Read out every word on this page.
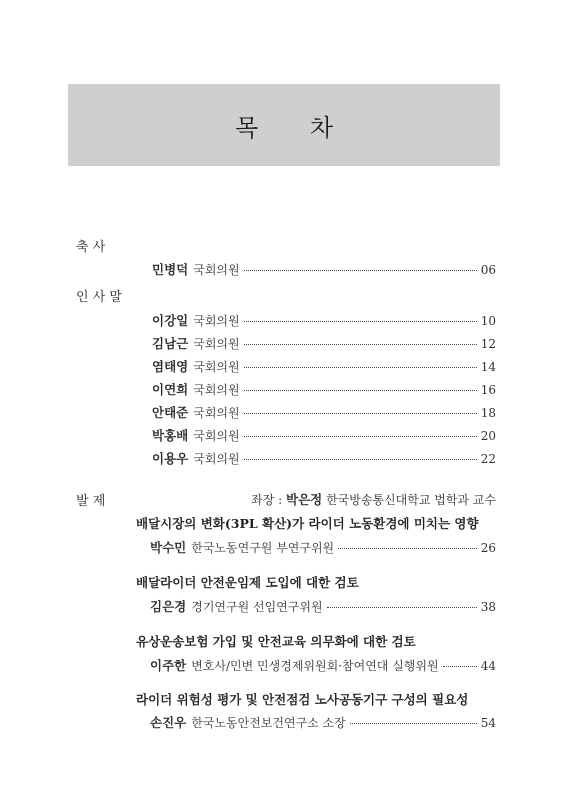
목 차
축 사
민병덕 국회의원	06
인 사 말
이강일 국회의원	10
김남근 국회의원	12
염태영 국회의원	14
이연희 국회의원	16
안태준 국회의원	18
박홍배 국회의원	20
이용우 국회의원	22
발 제	좌장 : 박은정 한국방송통신대학교 법학과 교수
배달시장의 변화(3PL 확산)가 라이더 노동환경에 미치는 영향
박수민 한국노동연구원 부연구위원	26
배달라이더 안전운임제 도입에 대한 검토
김은경 경기연구원 선임연구위원	38
유상운송보험 가입 및 안전교육 의무화에 대한 검토
이주한 변호사/민변 민생경제위원회·참여연대 실행위원	44
라이더 위험성 평가 및 안전점검 노사공동기구 구성의 필요성
손진우 한국노동안전보건연구소 소장	54
